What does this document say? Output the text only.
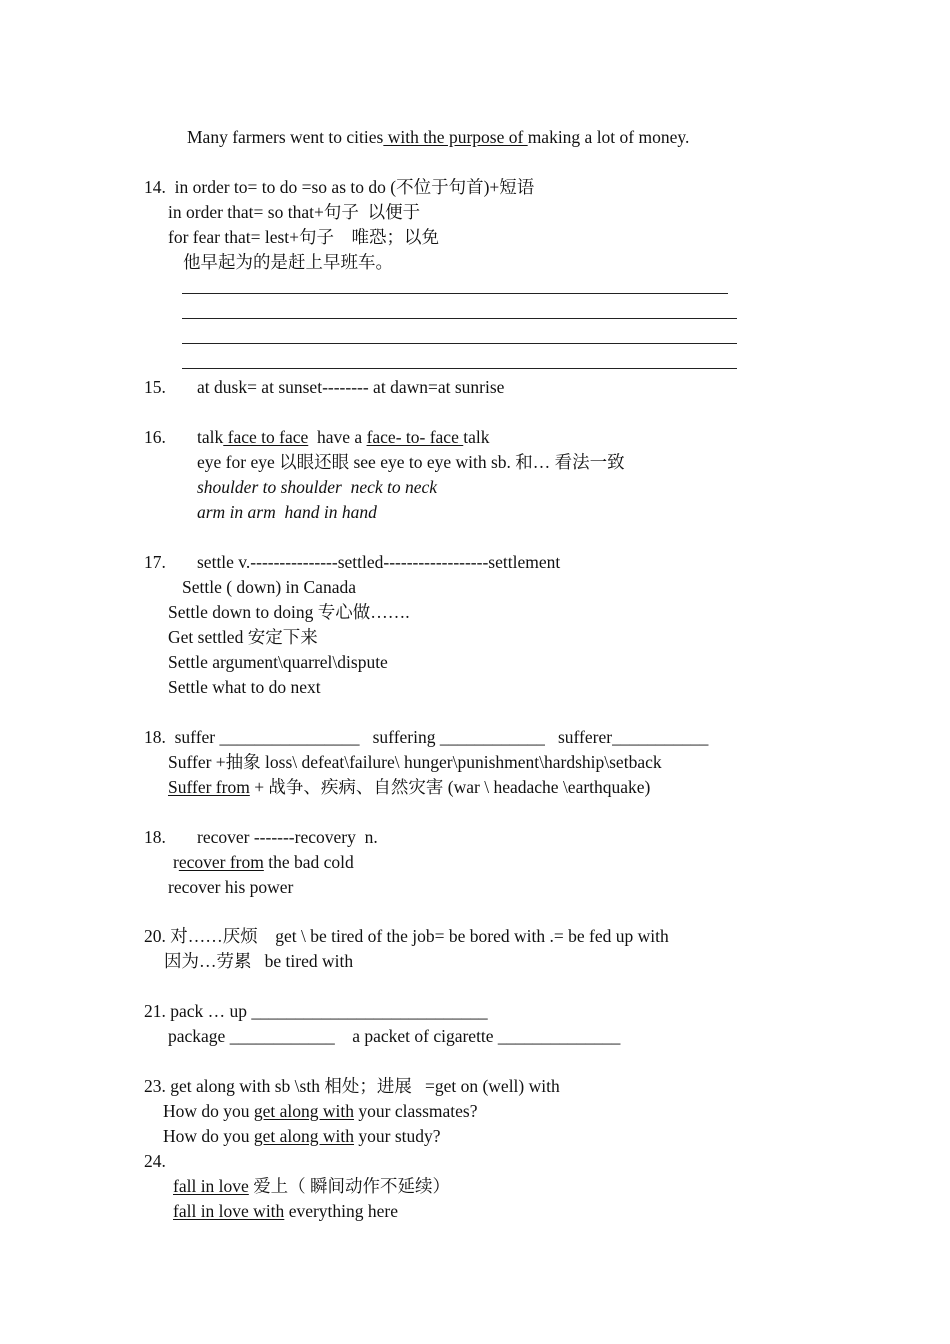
Many farmers went to cities with the purpose of making a lot of money.
14.  in order to= to do =so as to do (不位于句首)+短语
in order that= so that+句子  以便于
for fear that= lest+句子    唯恐；以免
他早起为的是赶上早班车。
15. at dusk= at sunset-------- at dawn=at sunrise
16. talk face to face  have a face- to- face talk
eye for eye 以眼还眼 see eye to eye with sb. 和… 看法一致
shoulder to shoulder  neck to neck
arm in arm  hand in hand
17. settle v.---------------settled------------------settlement
Settle ( down) in Canada
Settle down to doing 专心做…….
Get settled 安定下来
Settle argument\quarrel\dispute
Settle what to do next
18.  suffer ________________   suffering ____________   sufferer___________
Suffer +抽象 loss\ defeat\failure\ hunger\punishment\hardship\setback
Suffer from + 战争、疾病、自然灾害 (war \ headache \earthquake)
18. recover -------recovery  n.
recover from the bad cold
recover his power
20. 对……厌烦    get \ be tired of the job= be bored with .= be fed up with
因为…劳累   be tired with
21. pack … up ___________________________
package ____________    a packet of cigarette ______________
23. get along with sb \sth 相处；进展   =get on (well) with
How do you get along with your classmates?
How do you get along with your study?
24.
fall in love 爱上（ 瞬间动作不延续）
fall in love with everything here
